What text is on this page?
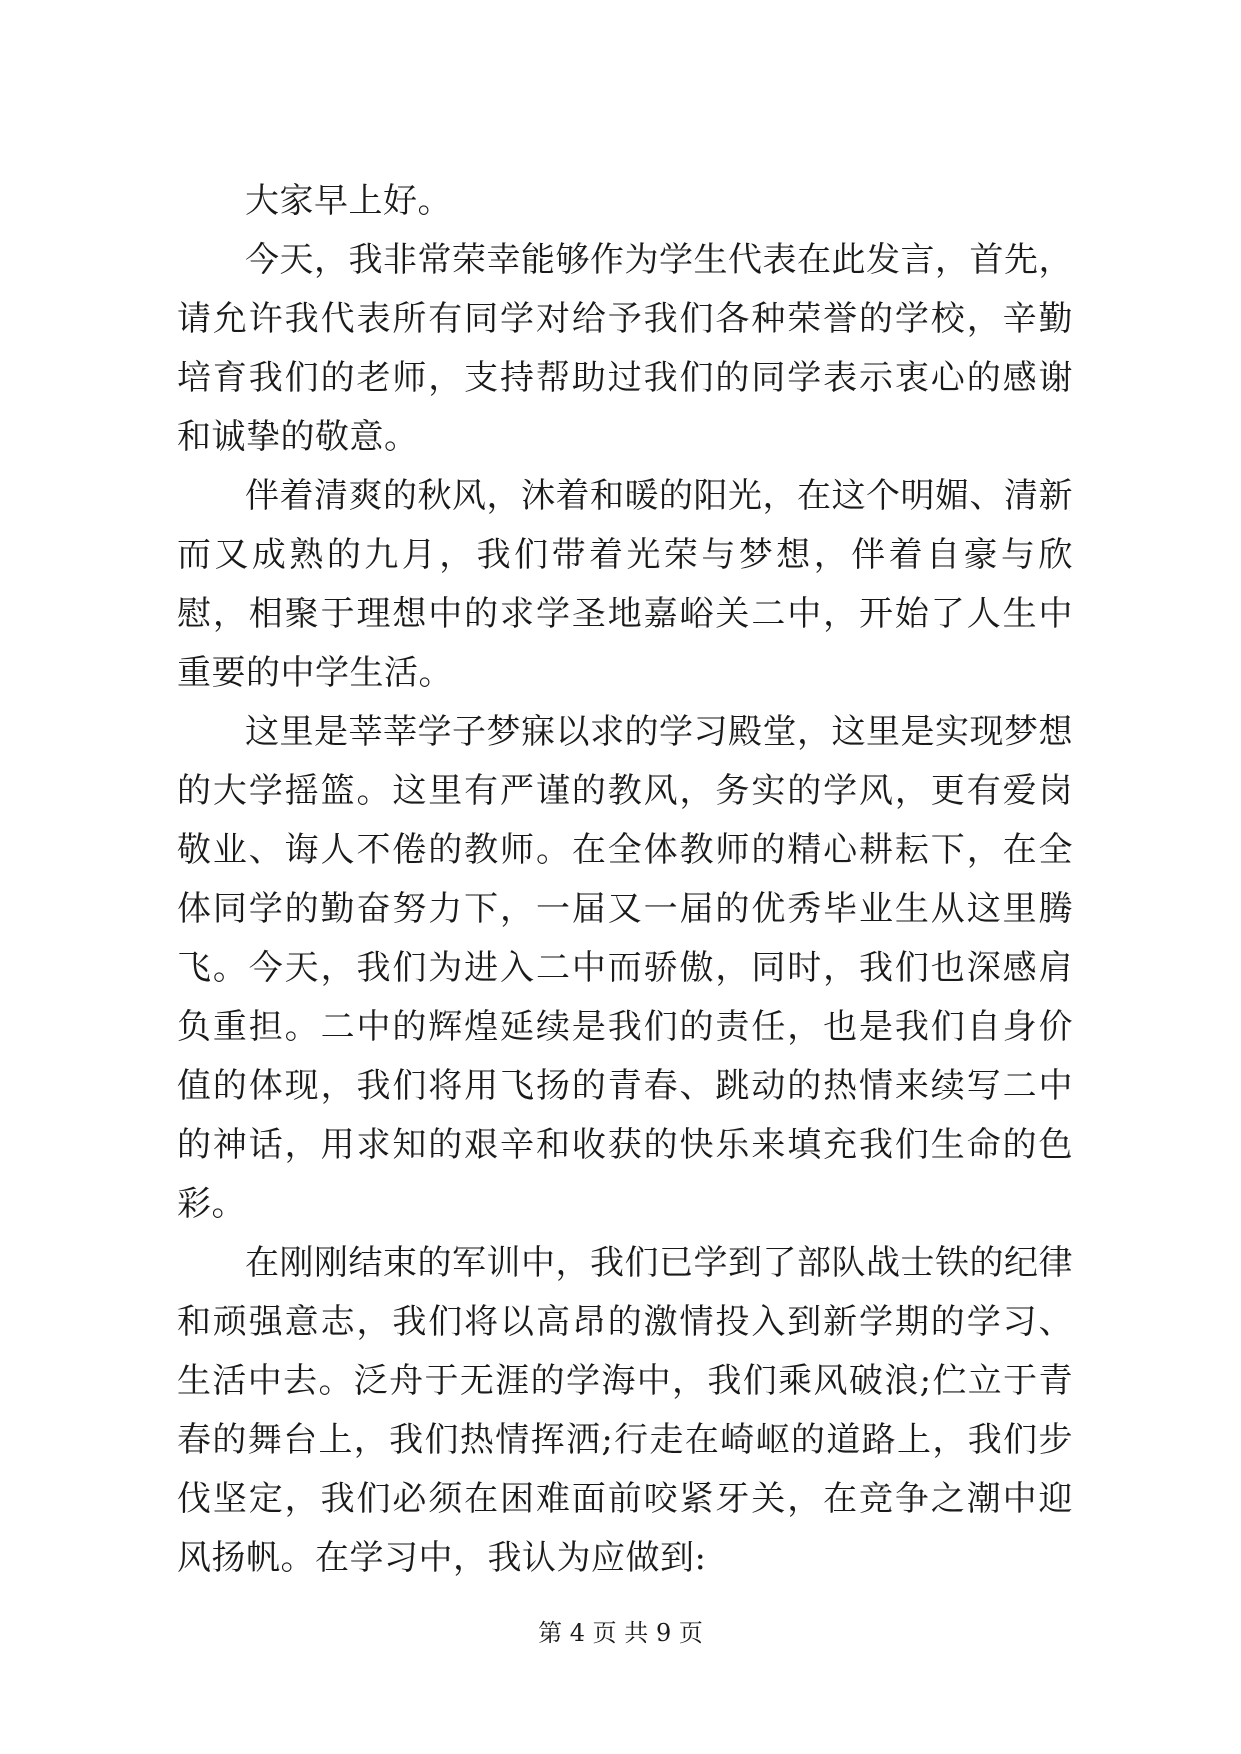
大家早上好。

今天，我非常荣幸能够作为学生代表在此发言，首先，请允许我代表所有同学对给予我们各种荣誉的学校，辛勤培育我们的老师，支持帮助过我们的同学表示衷心的感谢和诚挚的敬意。

伴着清爽的秋风，沐着和暖的阳光，在这个明媚、清新而又成熟的九月，我们带着光荣与梦想，伴着自豪与欣慰，相聚于理想中的求学圣地嘉峪关二中，开始了人生中重要的中学生活。

这里是莘莘学子梦寐以求的学习殿堂，这里是实现梦想的大学摇篮。这里有严谨的教风，务实的学风，更有爱岗敬业、诲人不倦的教师。在全体教师的精心耕耘下，在全体同学的勤奋努力下，一届又一届的优秀毕业生从这里腾飞。今天，我们为进入二中而骄傲，同时，我们也深感肩负重担。二中的辉煌延续是我们的责任，也是我们自身价值的体现，我们将用飞扬的青春、跳动的热情来续写二中的神话，用求知的艰辛和收获的快乐来填充我们生命的色彩。

在刚刚结束的军训中，我们已学到了部队战士铁的纪律和顽强意志，我们将以高昂的激情投入到新学期的学习、生活中去。泛舟于无涯的学海中，我们乘风破浪;伫立于青春的舞台上，我们热情挥洒;行走在崎岖的道路上，我们步伐坚定，我们必须在困难面前咬紧牙关，在竞争之潮中迎风扬帆。在学习中，我认为应做到:

第 4 页 共 9 页
